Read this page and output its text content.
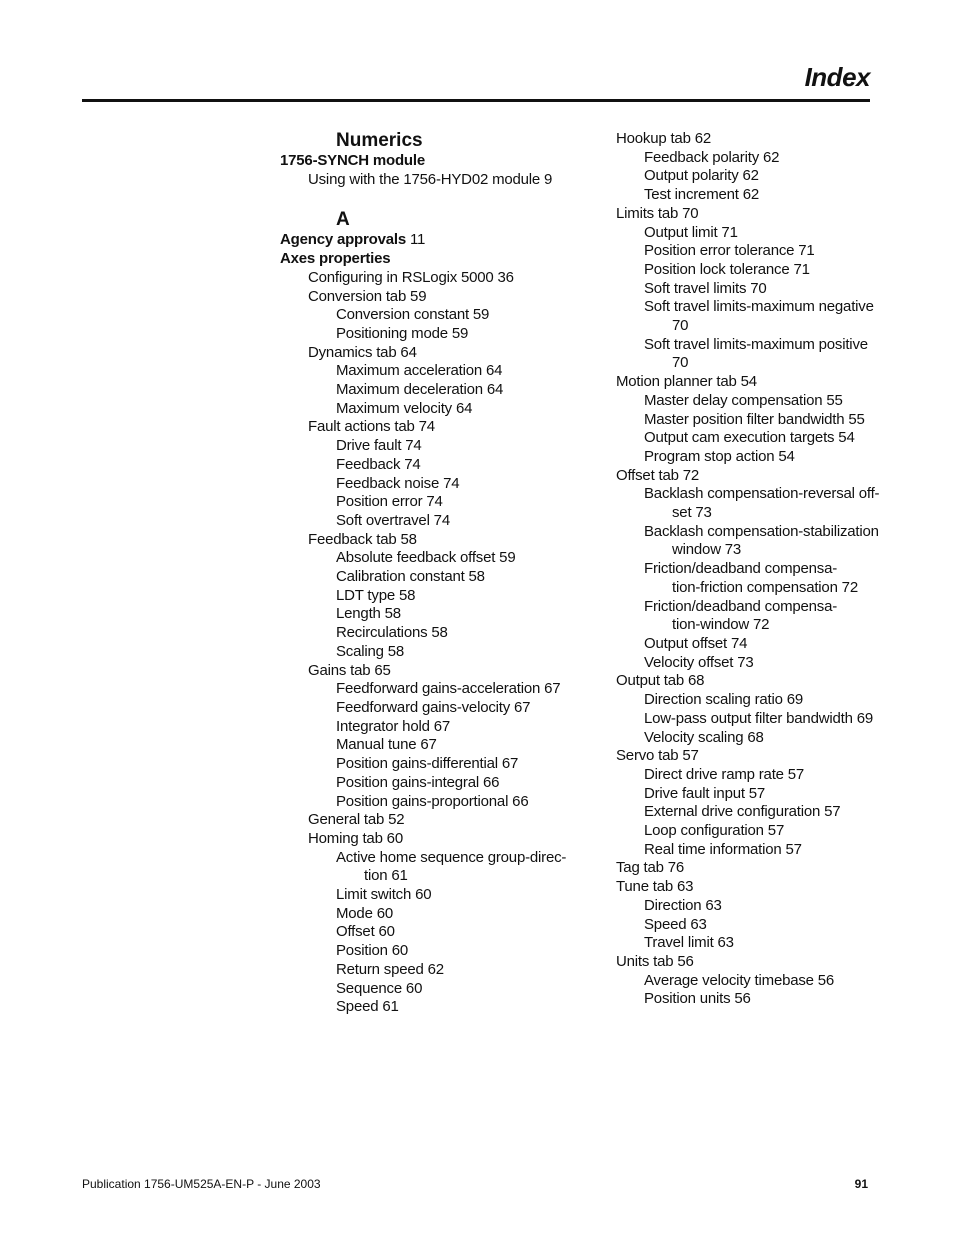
Index
Numerics
1756-SYNCH module
Using with the 1756-HYD02 module 9
A
Agency approvals 11
Axes properties
Configuring in RSLogix 5000 36
Conversion tab 59
Conversion constant 59
Positioning mode 59
Dynamics tab 64
Maximum acceleration 64
Maximum deceleration 64
Maximum velocity 64
Fault actions tab 74
Drive fault 74
Feedback 74
Feedback noise 74
Position error 74
Soft overtravel 74
Feedback tab 58
Absolute feedback offset 59
Calibration constant 58
LDT type 58
Length 58
Recirculations 58
Scaling 58
Gains tab 65
Feedforward gains-acceleration 67
Feedforward gains-velocity 67
Integrator hold 67
Manual tune 67
Position gains-differential 67
Position gains-integral 66
Position gains-proportional 66
General tab 52
Homing tab 60
Active home sequence group-direc-
tion 61
Limit switch 60
Mode 60
Offset 60
Position 60
Return speed 62
Sequence 60
Speed 61
Hookup tab 62
Feedback polarity 62
Output polarity 62
Test increment 62
Limits tab 70
Output limit 71
Position error tolerance 71
Position lock tolerance 71
Soft travel limits 70
Soft travel limits-maximum negative
70
Soft travel limits-maximum positive
70
Motion planner tab 54
Master delay compensation 55
Master position filter bandwidth 55
Output cam execution targets 54
Program stop action 54
Offset tab 72
Backlash compensation-reversal off-
set 73
Backlash compensation-stabilization
window 73
Friction/deadband compensa-
tion-friction compensation 72
Friction/deadband compensa-
tion-window 72
Output offset 74
Velocity offset 73
Output tab 68
Direction scaling ratio 69
Low-pass output filter bandwidth 69
Velocity scaling 68
Servo tab 57
Direct drive ramp rate 57
Drive fault input 57
External drive configuration 57
Loop configuration 57
Real time information 57
Tag tab 76
Tune tab 63
Direction 63
Speed 63
Travel limit 63
Units tab 56
Average velocity timebase 56
Position units 56
Publication 1756-UM525A-EN-P - June 2003	91
